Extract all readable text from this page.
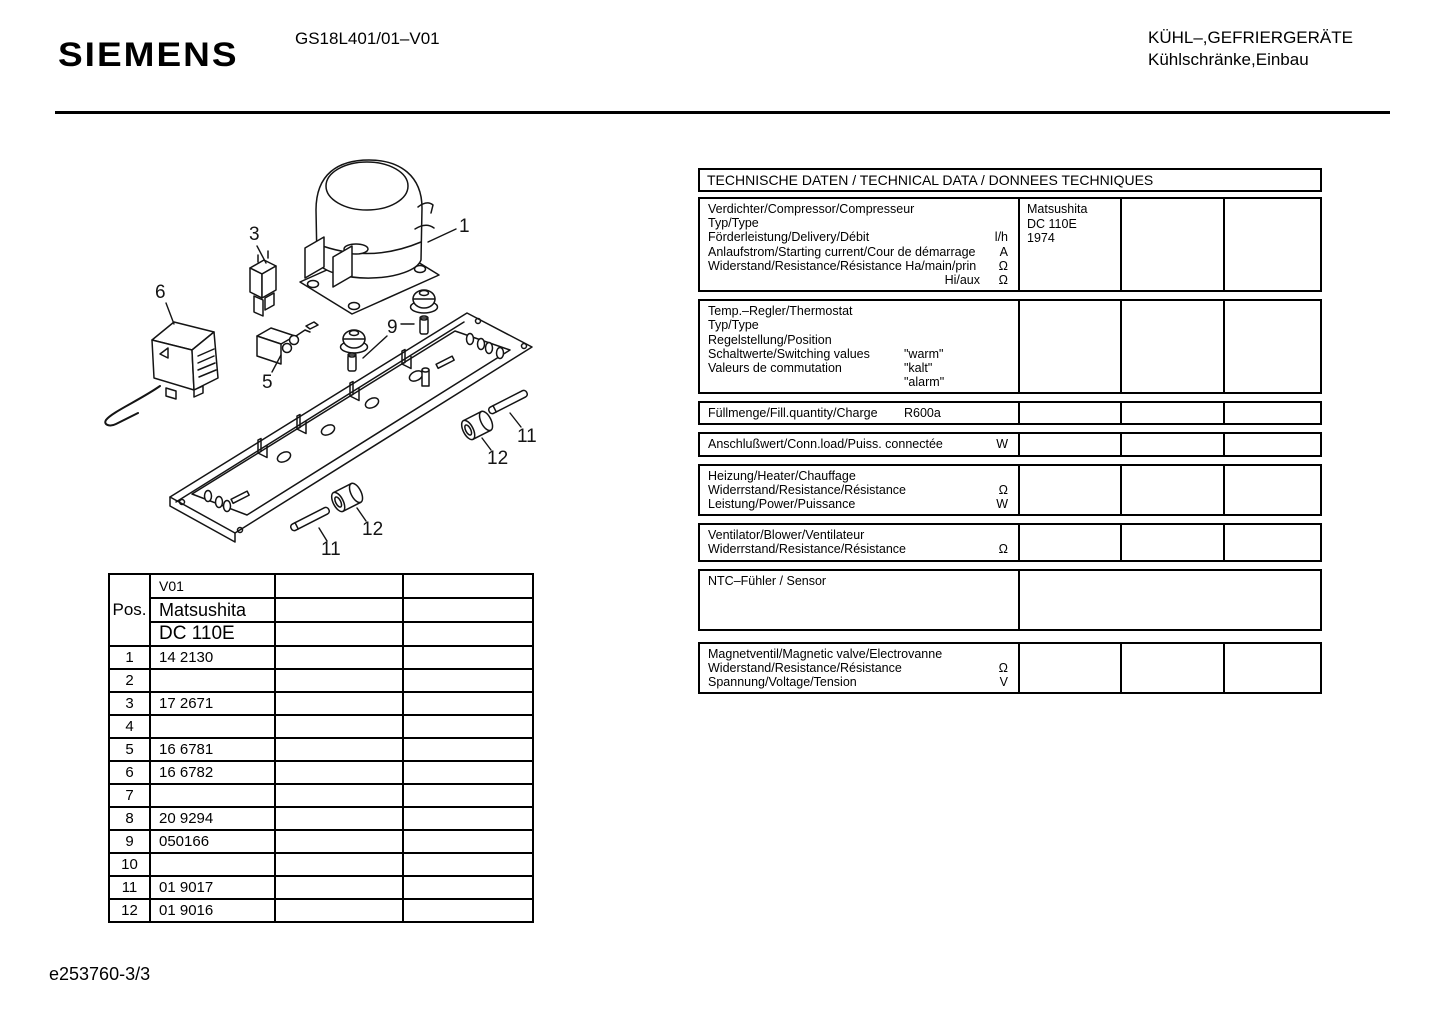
SIEMENS	GS18L401/01–V01	KÜHL–,GEFRIERGERÄTE
Kühlschränke,Einbau
1
3
5
6
9
11
12
12
11
Pos.	V01		
	Matsushita		
	DC 110E		
1	14 2130		
2			
3	17 2671		
4			
5	16 6781		
6	16 6782		
7			
8	20 9294		
9	050166		
10			
11	01 9017		
12	01 9016		
TECHNISCHE DATEN / TECHNICAL DATA / DONNEES TECHNIQUES
Verdichter/Compressor/Compresseur
Typ/Type
Förderleistung/Delivery/Débit	l/h
Anlaufstrom/Starting current/Cour de démarrage A
Widerstand/Resistance/Résistance Ha/main/prin Ω
Hi/aux Ω
Matsushita
DC 110E
1974
Temp.–Regler/Thermostat
Typ/Type
Regelstellung/Position
Schaltwerte/Switching values	"warm"
Valeurs de commutation	"kalt"
"alarm"
Füllmenge/Fill.quantity/Charge R600a
Anschlußwert/Conn.load/Puiss. connectée	W
Heizung/Heater/Chauffage
Widerrstand/Resistance/Résistance	Ω
Leistung/Power/Puissance	W
Ventilator/Blower/Ventilateur
Widerrstand/Resistance/Résistance	Ω
NTC–Fühler / Sensor
Magnetventil/Magnetic valve/Electrovanne
Widerstand/Resistance/Résistance	Ω
Spannung/Voltage/Tension	V
e253760-3/3
